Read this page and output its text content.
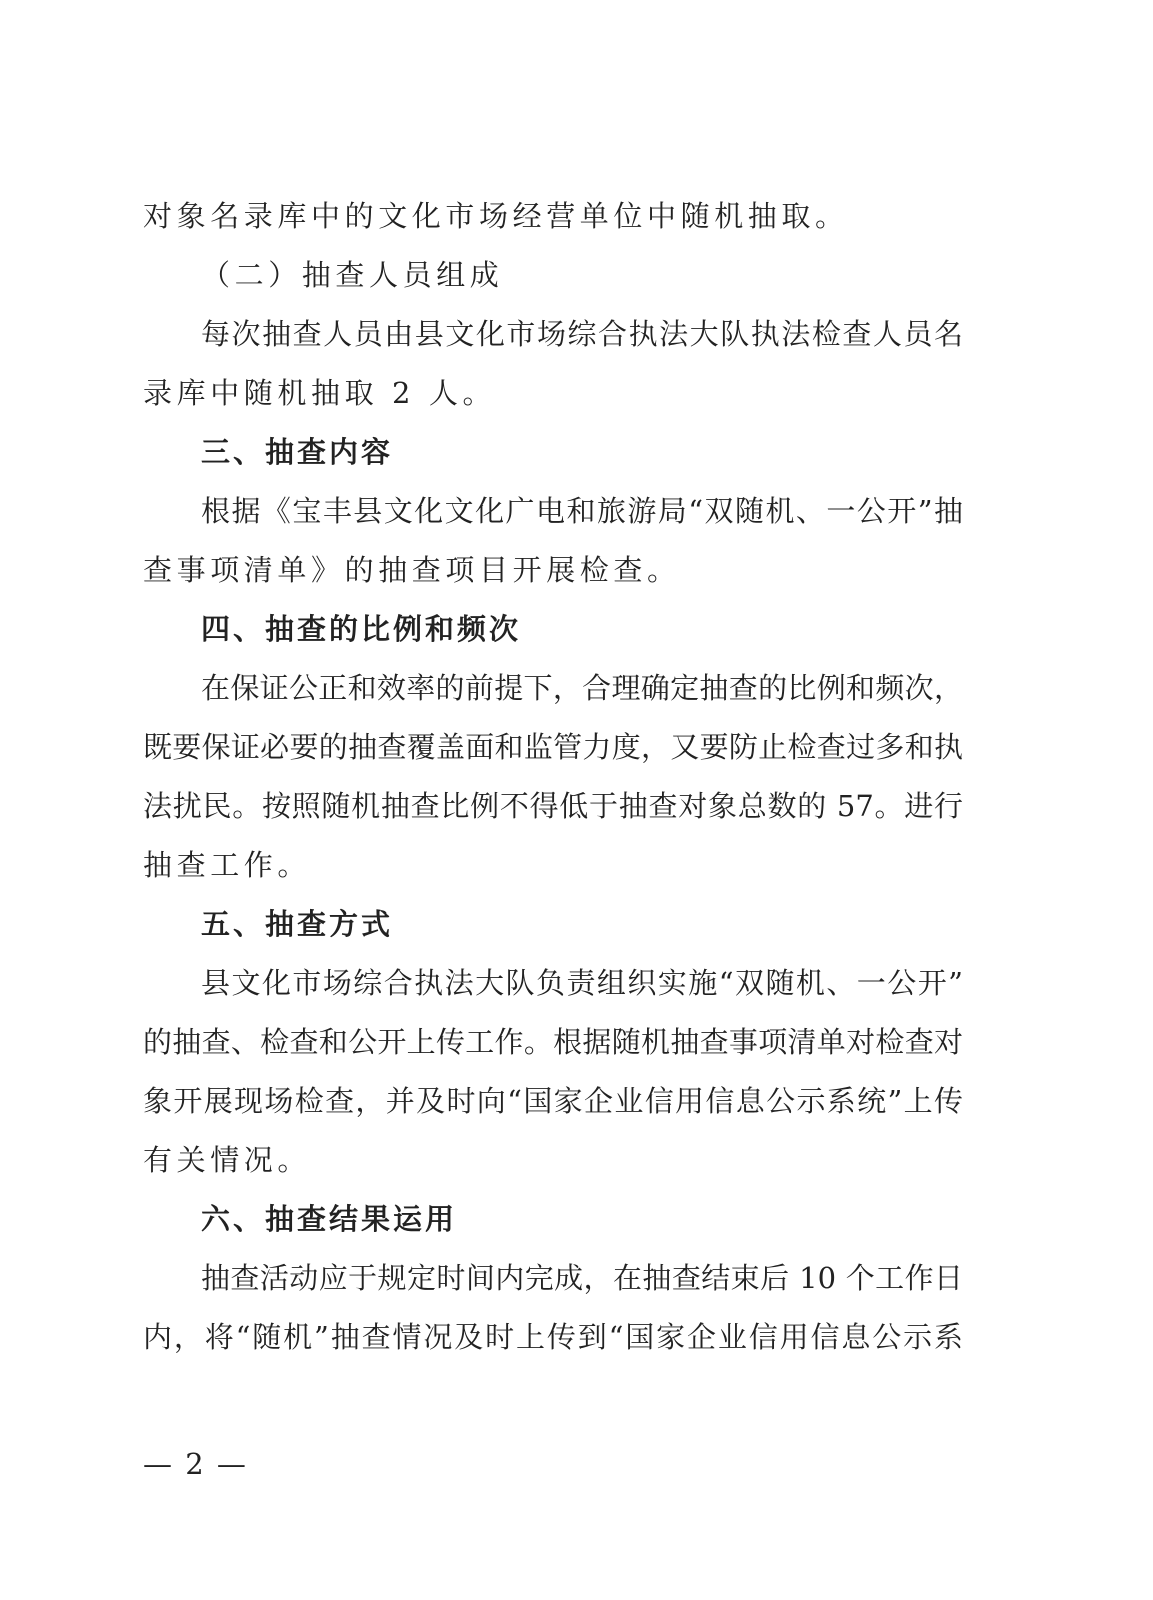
对象名录库中的文化市场经营单位中随机抽取。
（二）抽查人员组成
每次抽查人员由县文化市场综合执法大队执法检查人员名
录库中随机抽取 2 人。
三、抽查内容
根据《宝丰县文化文化广电和旅游局“双随机、一公开”抽
查事项清单》的抽查项目开展检查。
四、抽查的比例和频次
在保证公正和效率的前提下，合理确定抽查的比例和频次，
既要保证必要的抽查覆盖面和监管力度，又要防止检查过多和执
法扰民。按照随机抽查比例不得低于抽查对象总数的 57。进行
抽查工作。
五、抽查方式
县文化市场综合执法大队负责组织实施“双随机、一公开”
的抽查、检查和公开上传工作。根据随机抽查事项清单对检查对
象开展现场检查，并及时向“国家企业信用信息公示系统”上传
有关情况。
六、抽查结果运用
抽查活动应于规定时间内完成，在抽查结束后 10 个工作日
内，将“随机”抽查情况及时上传到“国家企业信用信息公示系
— 2 —
